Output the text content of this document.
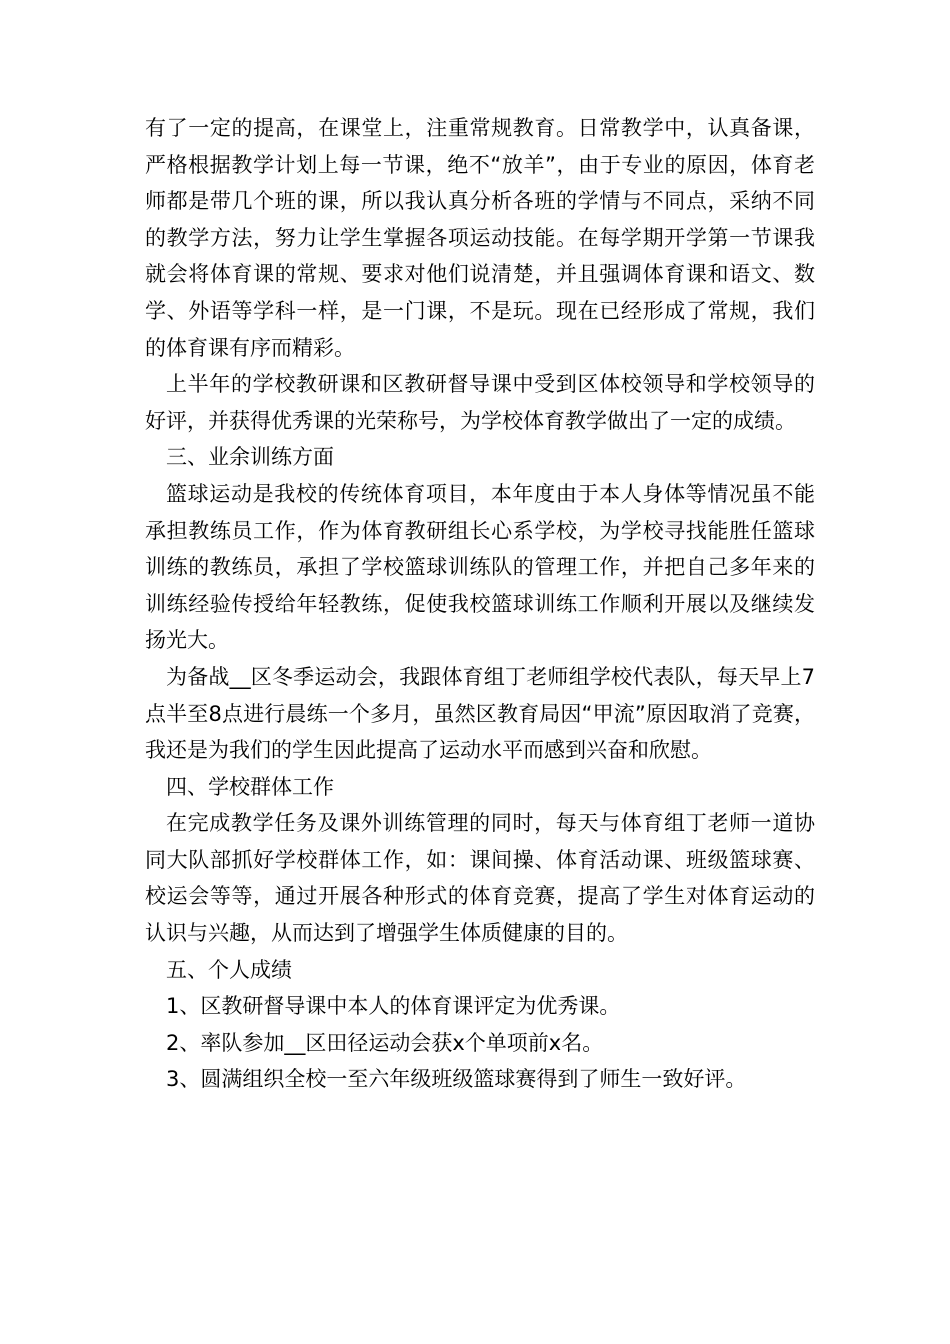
有了一定的提高，在课堂上，注重常规教育。日常教学中，认真备课，严格根据教学计划上每一节课，绝不“放羊”，由于专业的原因，体育老师都是带几个班的课，所以我认真分析各班的学情与不同点，采纳不同的教学方法，努力让学生掌握各项运动技能。在每学期开学第一节课我就会将体育课的常规、要求对他们说清楚，并且强调体育课和语文、数学、外语等学科一样，是一门课，不是玩。现在已经形成了常规，我们的体育课有序而精彩。

上半年的学校教研课和区教研督导课中受到区体校领导和学校领导的好评，并获得优秀课的光荣称号，为学校体育教学做出了一定的成绩。

三、业余训练方面

篮球运动是我校的传统体育项目，本年度由于本人身体等情况虽不能承担教练员工作，作为体育教研组长心系学校，为学校寻找能胜任篮球训练的教练员，承担了学校篮球训练队的管理工作，并把自己多年来的训练经验传授给年轻教练，促使我校篮球训练工作顺利开展以及继续发扬光大。

为备战__区冬季运动会，我跟体育组丁老师组学校代表队，每天早上7点半至8点进行晨练一个多月，虽然区教育局因“甲流”原因取消了竞赛，我还是为我们的学生因此提高了运动水平而感到兴奋和欣慰。

四、学校群体工作

在完成教学任务及课外训练管理的同时，每天与体育组丁老师一道协同大队部抓好学校群体工作，如：课间操、体育活动课、班级篮球赛、校运会等等，通过开展各种形式的体育竞赛，提高了学生对体育运动的认识与兴趣，从而达到了增强学生体质健康的目的。

五、个人成绩

1、区教研督导课中本人的体育课评定为优秀课。

2、率队参加__区田径运动会获x个单项前x名。

3、圆满组织全校一至六年级班级篮球赛得到了师生一致好评。
